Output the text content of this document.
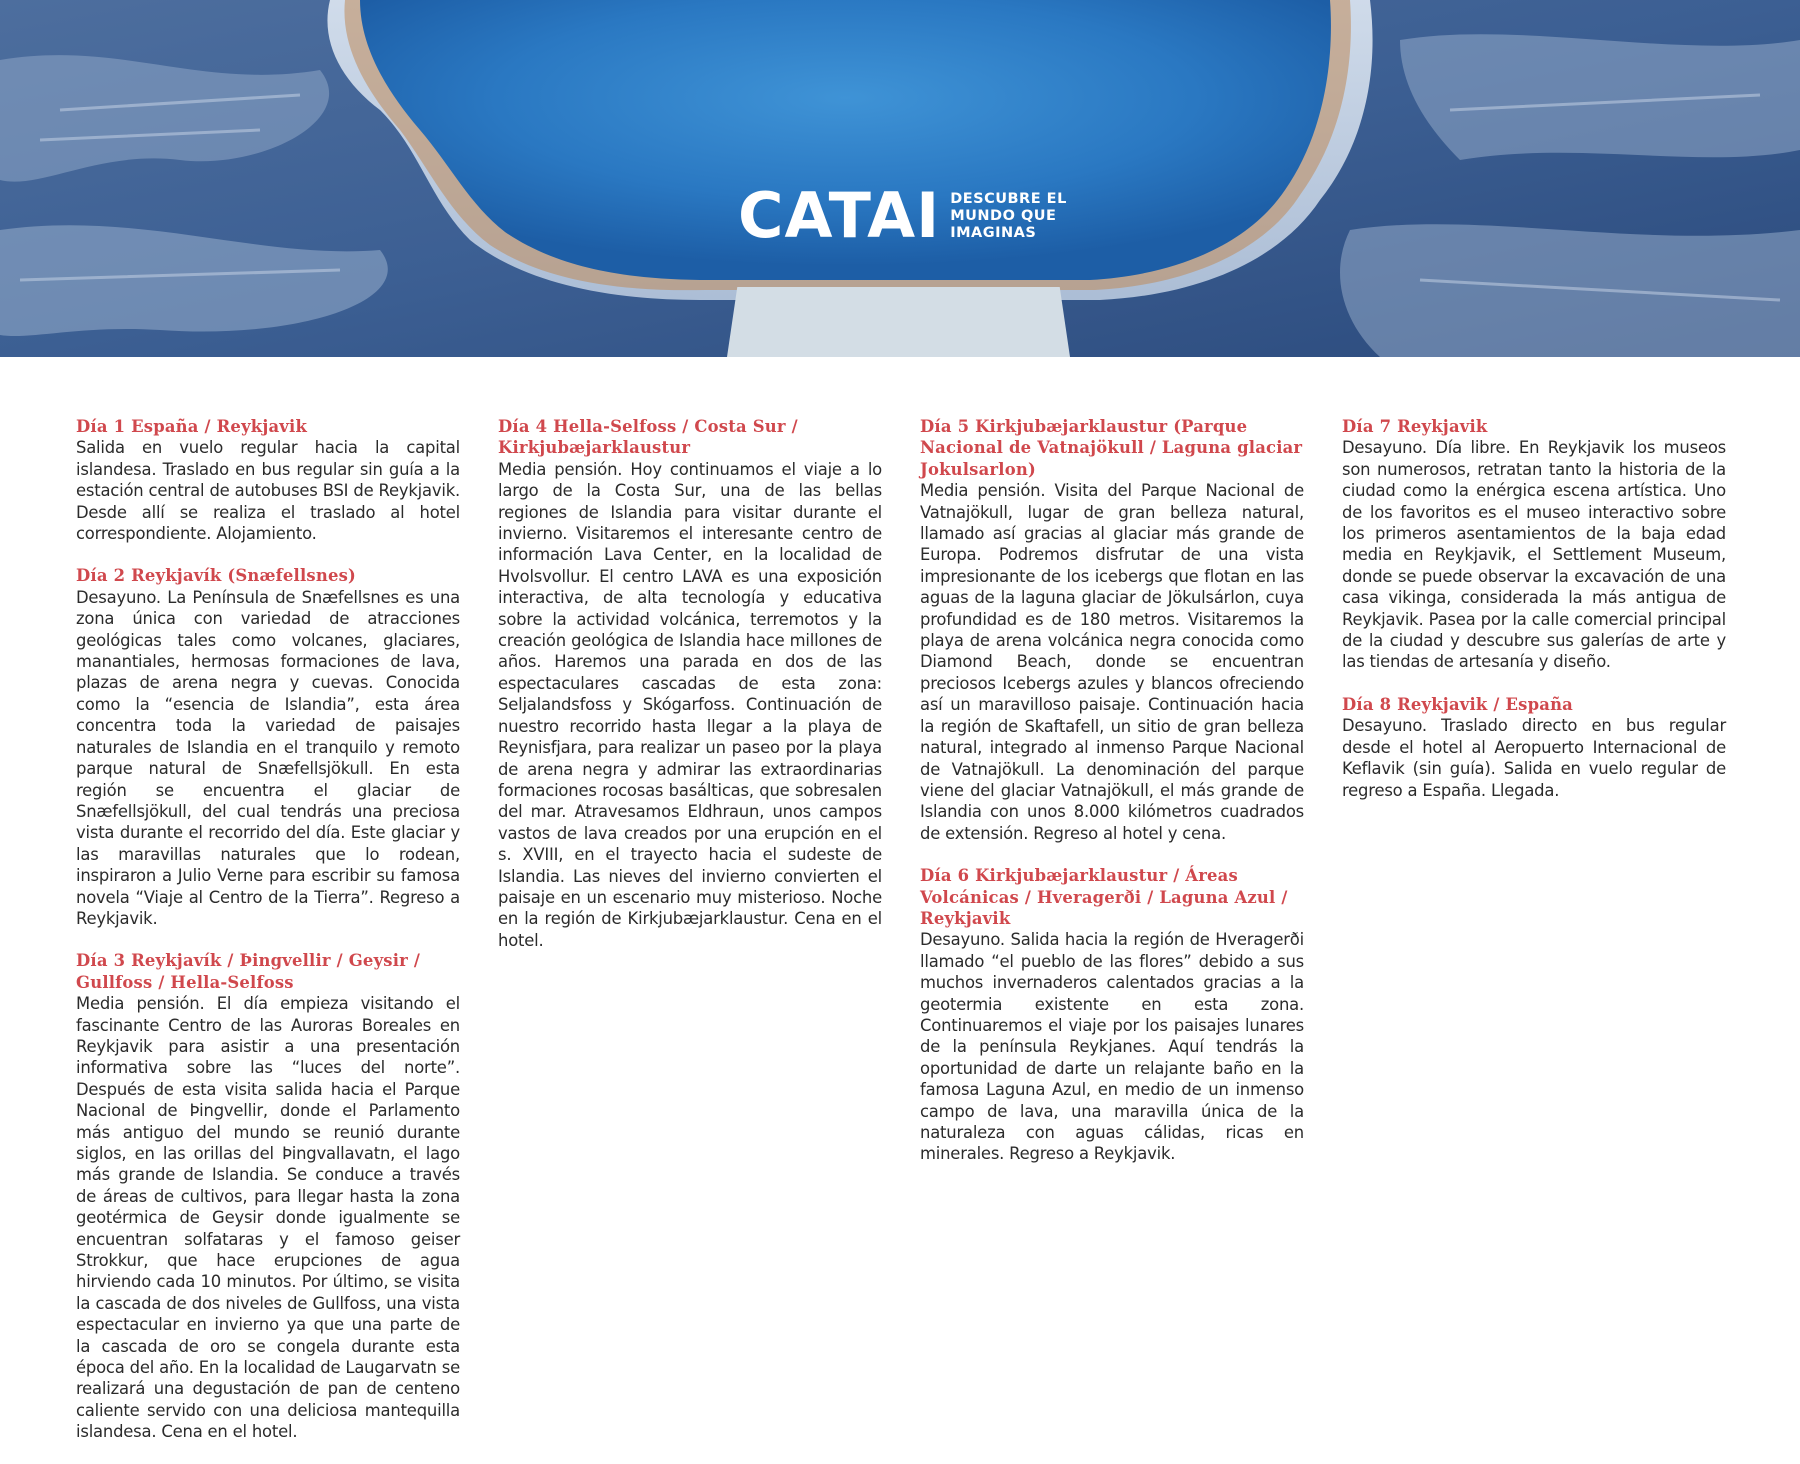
CATAI DESCUBRE EL
MUNDO QUE
IMAGINAS

Día 1 España / Reykjavik
Salida en vuelo regular hacia la capital islandesa. Traslado en bus regular sin guía a la estación central de autobuses BSI de Reykjavik. Desde allí se realiza el traslado al hotel correspondiente. Alojamiento.

Día 2 Reykjavík (Snæfellsnes)
Desayuno. La Península de Snæfellsnes es una zona única con variedad de atracciones geológicas tales como volcanes, glaciares, manantiales, hermosas formaciones de lava, plazas de arena negra y cuevas. Conocida como la “esencia de Islandia”, esta área concentra toda la variedad de paisajes naturales de Islandia en el tranquilo y remoto parque natural de Snæfellsjökull. En esta región se encuentra el glaciar de Snæfellsjökull, del cual tendrás una preciosa vista durante el recorrido del día. Este glaciar y las maravillas naturales que lo rodean, inspiraron a Julio Verne para escribir su famosa novela “Viaje al Centro de la Tierra”. Regreso a Reykjavik.

Día 3 Reykjavík / Þingvellir / Geysir / Gullfoss / Hella-Selfoss
Media pensión. El día empieza visitando el fascinante Centro de las Auroras Boreales en Reykjavik para asistir a una presentación informativa sobre las “luces del norte”. Después de esta visita salida hacia el Parque Nacional de Þingvellir, donde el Parlamento más antiguo del mundo se reunió durante siglos, en las orillas del Þingvallavatn, el lago más grande de Islandia. Se conduce a través de áreas de cultivos, para llegar hasta la zona geotérmica de Geysir donde igualmente se encuentran solfataras y el famoso geiser Strokkur, que hace erupciones de agua hirviendo cada 10 minutos. Por último, se visita la cascada de dos niveles de Gullfoss, una vista espectacular en invierno ya que una parte de la cascada de oro se congela durante esta época del año. En la localidad de Laugarvatn se realizará una degustación de pan de centeno caliente servido con una deliciosa mantequilla islandesa. Cena en el hotel.

Día 4 Hella-Selfoss / Costa Sur / Kirkjubæjarklaustur
Media pensión. Hoy continuamos el viaje a lo largo de la Costa Sur, una de las bellas regiones de Islandia para visitar durante el invierno. Visitaremos el interesante centro de información Lava Center, en la localidad de Hvolsvollur. El centro LAVA es una exposición interactiva, de alta tecnología y educativa sobre la actividad volcánica, terremotos y la creación geológica de Islandia hace millones de años. Haremos una parada en dos de las espectaculares cascadas de esta zona: Seljalandsfoss y Skógarfoss. Continuación de nuestro recorrido hasta llegar a la playa de Reynisfjara, para realizar un paseo por la playa de arena negra y admirar las extraordinarias formaciones rocosas basálticas, que sobresalen del mar. Atravesamos Eldhraun, unos campos vastos de lava creados por una erupción en el s. XVIII, en el trayecto hacia el sudeste de Islandia. Las nieves del invierno convierten el paisaje en un escenario muy misterioso. Noche en la región de Kirkjubæjarklaustur. Cena en el hotel.

Día 5 Kirkjubæjarklaustur (Parque Nacional de Vatnajökull / Laguna glaciar Jokulsarlon)
Media pensión. Visita del Parque Nacional de Vatnajökull, lugar de gran belleza natural, llamado así gracias al glaciar más grande de Europa. Podremos disfrutar de una vista impresionante de los icebergs que flotan en las aguas de la laguna glaciar de Jökulsárlon, cuya profundidad es de 180 metros. Visitaremos la playa de arena volcánica negra conocida como Diamond Beach, donde se encuentran preciosos Icebergs azules y blancos ofreciendo así un maravilloso paisaje. Continuación hacia la región de Skaftafell, un sitio de gran belleza natural, integrado al inmenso Parque Nacional de Vatnajökull. La denominación del parque viene del glaciar Vatnajökull, el más grande de Islandia con unos 8.000 kilómetros cuadrados de extensión. Regreso al hotel y cena.

Día 6 Kirkjubæjarklaustur / Áreas Volcánicas / Hveragerði / Laguna Azul / Reykjavik
Desayuno. Salida hacia la región de Hveragerði llamado “el pueblo de las flores” debido a sus muchos invernaderos calentados gracias a la geotermia existente en esta zona. Continuaremos el viaje por los paisajes lunares de la península Reykjanes. Aquí tendrás la oportunidad de darte un relajante baño en la famosa Laguna Azul, en medio de un inmenso campo de lava, una maravilla única de la naturaleza con aguas cálidas, ricas en minerales. Regreso a Reykjavik.

Día 7 Reykjavik
Desayuno. Día libre. En Reykjavik los museos son numerosos, retratan tanto la historia de la ciudad como la enérgica escena artística. Uno de los favoritos es el museo interactivo sobre los primeros asentamientos de la baja edad media en Reykjavik, el Settlement Museum, donde se puede observar la excavación de una casa vikinga, considerada la más antigua de Reykjavik. Pasea por la calle comercial principal de la ciudad y descubre sus galerías de arte y las tiendas de artesanía y diseño.

Día 8 Reykjavik / España
Desayuno. Traslado directo en bus regular desde el hotel al Aeropuerto Internacional de Keflavik (sin guía). Salida en vuelo regular de regreso a España. Llegada.
